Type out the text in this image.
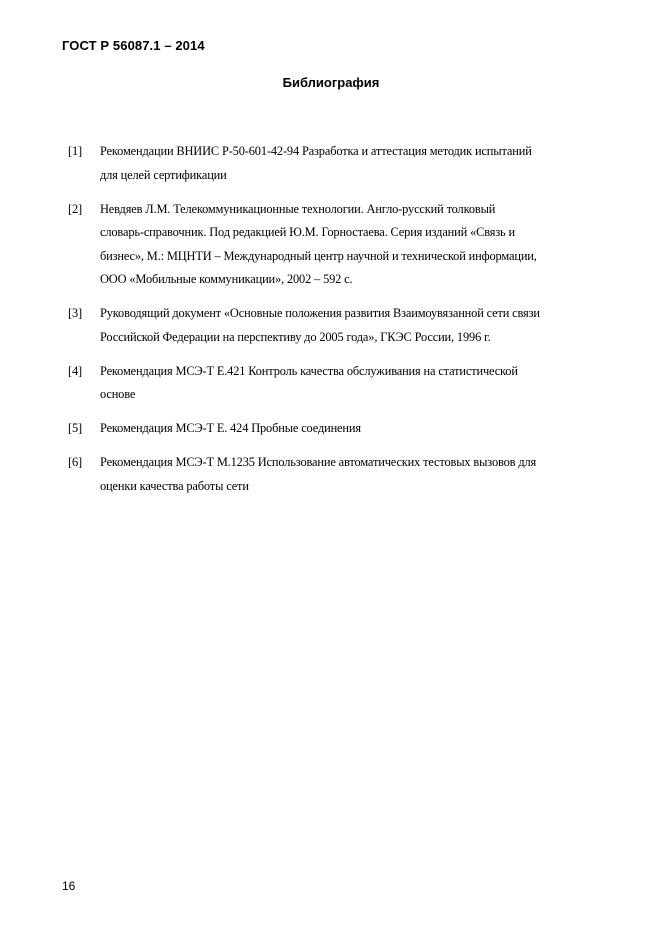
ГОСТ Р 56087.1 – 2014
Библиография
[1]	Рекомендации ВНИИС Р-50-601-42-94 Разработка и аттестация методик испытаний
для целей сертификации
[2]	Невдяев Л.М. Телекоммуникационные технологии. Англо-русский толковый
словарь-справочник. Под редакцией Ю.М. Горностаева. Серия изданий «Связь и
бизнес», М.: МЦНТИ – Международный центр научной и технической информации,
ООО «Мобильные коммуникации», 2002 – 592 с.
[3]	Руководящий документ «Основные положения развития Взаимоувязанной сети связи
Российской Федерации на перспективу до 2005 года», ГКЭС России, 1996 г.
[4]	Рекомендация МСЭ-Т E.421 Контроль качества обслуживания на статистической
основе
[5]	Рекомендация МСЭ-Т E. 424 Пробные соединения
[6]	Рекомендация МСЭ-Т М.1235 Использование автоматических тестовых вызовов для
оценки качества работы сети
16
